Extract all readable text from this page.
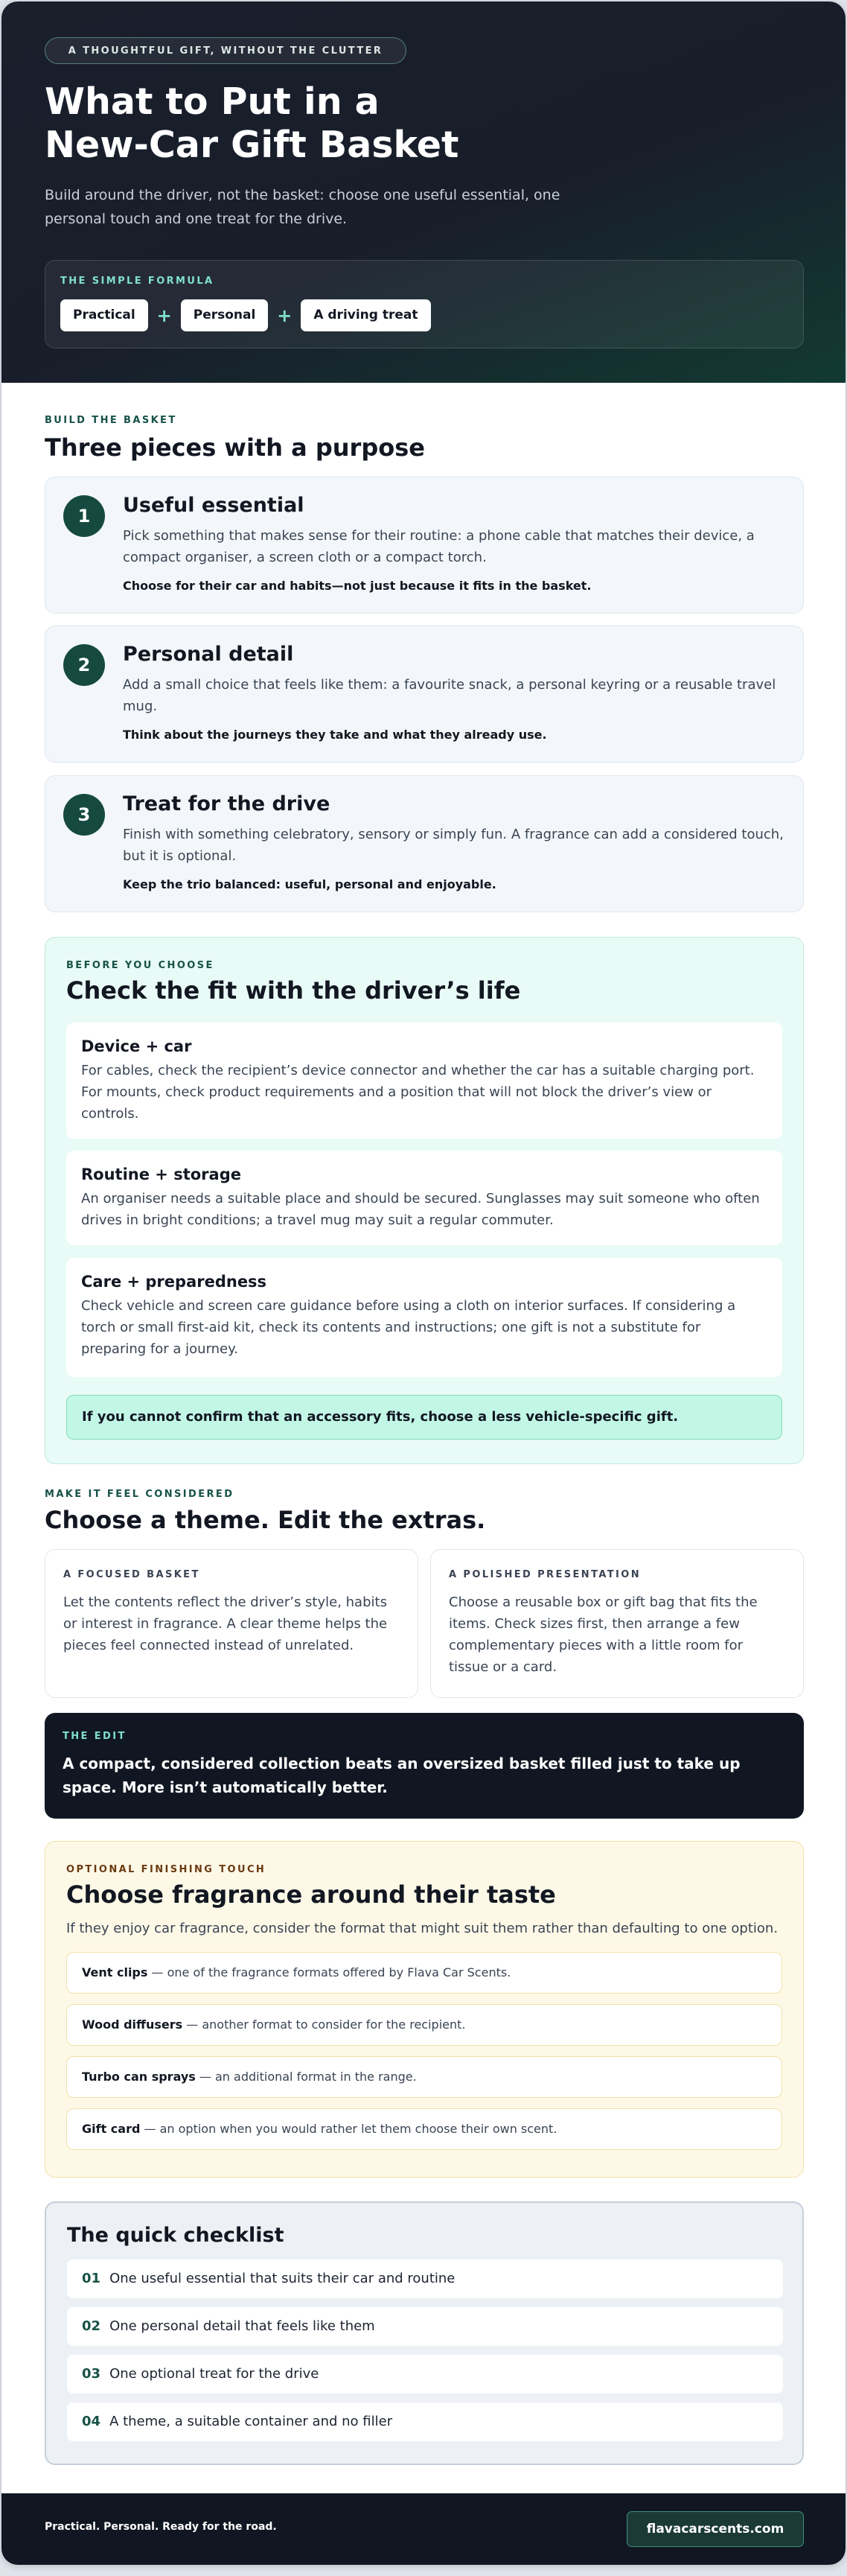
A THOUGHTFUL GIFT, WITHOUT THE CLUTTER
What to Put in a
New-Car Gift Basket

Build around the driver, not the basket: choose one useful essential, one personal touch and one treat for the drive.

THE SIMPLE FORMULA
Practical	+	Personal	+	A driving treat
BUILD THE BASKET
Three pieces with a purpose
1	Useful essential

Pick something that makes sense for their routine: a phone cable that matches their device, a compact organiser, a screen cloth or a compact torch.

Choose for their car and habits—not just because it fits in the basket.

2	Personal detail

Add a small choice that feels like them: a favourite snack, a personal keyring or a reusable travel mug.

Think about the journeys they take and what they already use.

3	Treat for the drive

Finish with something celebratory, sensory or simply fun. A fragrance can add a considered touch, but it is optional.

Keep the trio balanced: useful, personal and enjoyable.

BEFORE YOU CHOOSE
Check the fit with the driver’s life
Device + car

For cables, check the recipient’s device connector and whether the car has a suitable charging port. For mounts, check product requirements and a position that will not block the driver’s view or controls.

Routine + storage

An organiser needs a suitable place and should be secured. Sunglasses may suit someone who often drives in bright conditions; a travel mug may suit a regular commuter.

Care + preparedness

Check vehicle and screen care guidance before using a cloth on interior surfaces. If considering a torch or small first-aid kit, check its contents and instructions; one gift is not a substitute for preparing for a journey.

If you cannot confirm that an accessory fits, choose a less vehicle-specific gift.
MAKE IT FEEL CONSIDERED
Choose a theme. Edit the extras.
A FOCUSED BASKET

Let the contents reflect the driver’s style, habits or interest in fragrance. A clear theme helps the pieces feel connected instead of unrelated.

A POLISHED PRESENTATION

Choose a reusable box or gift bag that fits the items. Check sizes first, then arrange a few complementary pieces with a little room for tissue or a card.

THE EDIT

A compact, considered collection beats an oversized basket filled just to take up space. More isn’t automatically better.

OPTIONAL FINISHING TOUCH
Choose fragrance around their taste

If they enjoy car fragrance, consider the format that might suit them rather than defaulting to one option.

Vent clips — one of the fragrance formats offered by Flava Car Scents.
Wood diffusers — another format to consider for the recipient.
Turbo can sprays — an additional format in the range.
Gift card — an option when you would rather let them choose their own scent.
The quick checklist
01 One useful essential that suits their car and routine
02 One personal detail that feels like them
03 One optional treat for the drive
04 A theme, a suitable container and no filler
Practical. Personal. Ready for the road.	flavacarscents.com
